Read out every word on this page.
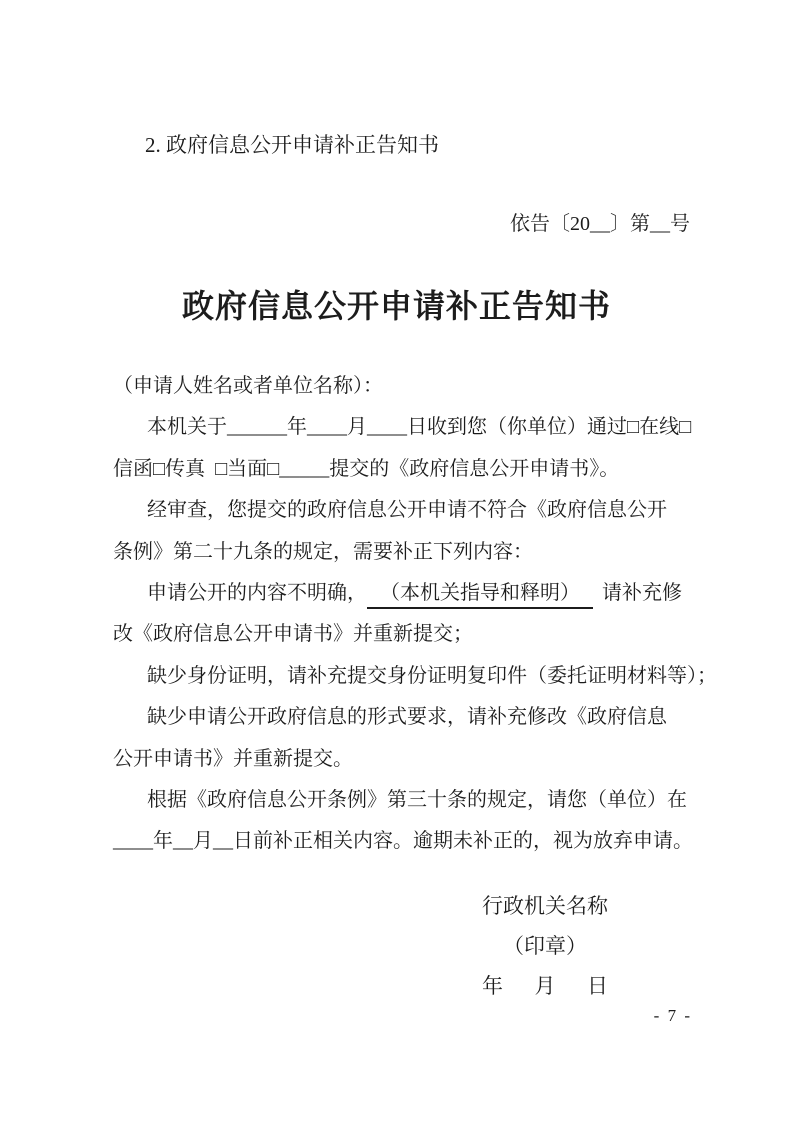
2. 政府信息公开申请补正告知书
依告〔20__〕第__号
政府信息公开申请补正告知书
（申请人姓名或者单位名称）：
本机关于______年____月____日收到您（你单位）通过□在线□
信函□传真  □当面□_____提交的《政府信息公开申请书》。
经审查，您提交的政府信息公开申请不符合《政府信息公开
条例》第二十九条的规定，需要补正下列内容：
申请公开的内容不明确， （本机关指导和释明） 请补充修
改《政府信息公开申请书》并重新提交；
缺少身份证明，请补充提交身份证明复印件（委托证明材料等）；
缺少申请公开政府信息的形式要求，请补充修改《政府信息
公开申请书》并重新提交。
根据《政府信息公开条例》第三十条的规定，请您（单位）在
____年__月__日前补正相关内容。逾期未补正的，视为放弃申请。
行政机关名称
（印章）
年      月      日
- 7 -
